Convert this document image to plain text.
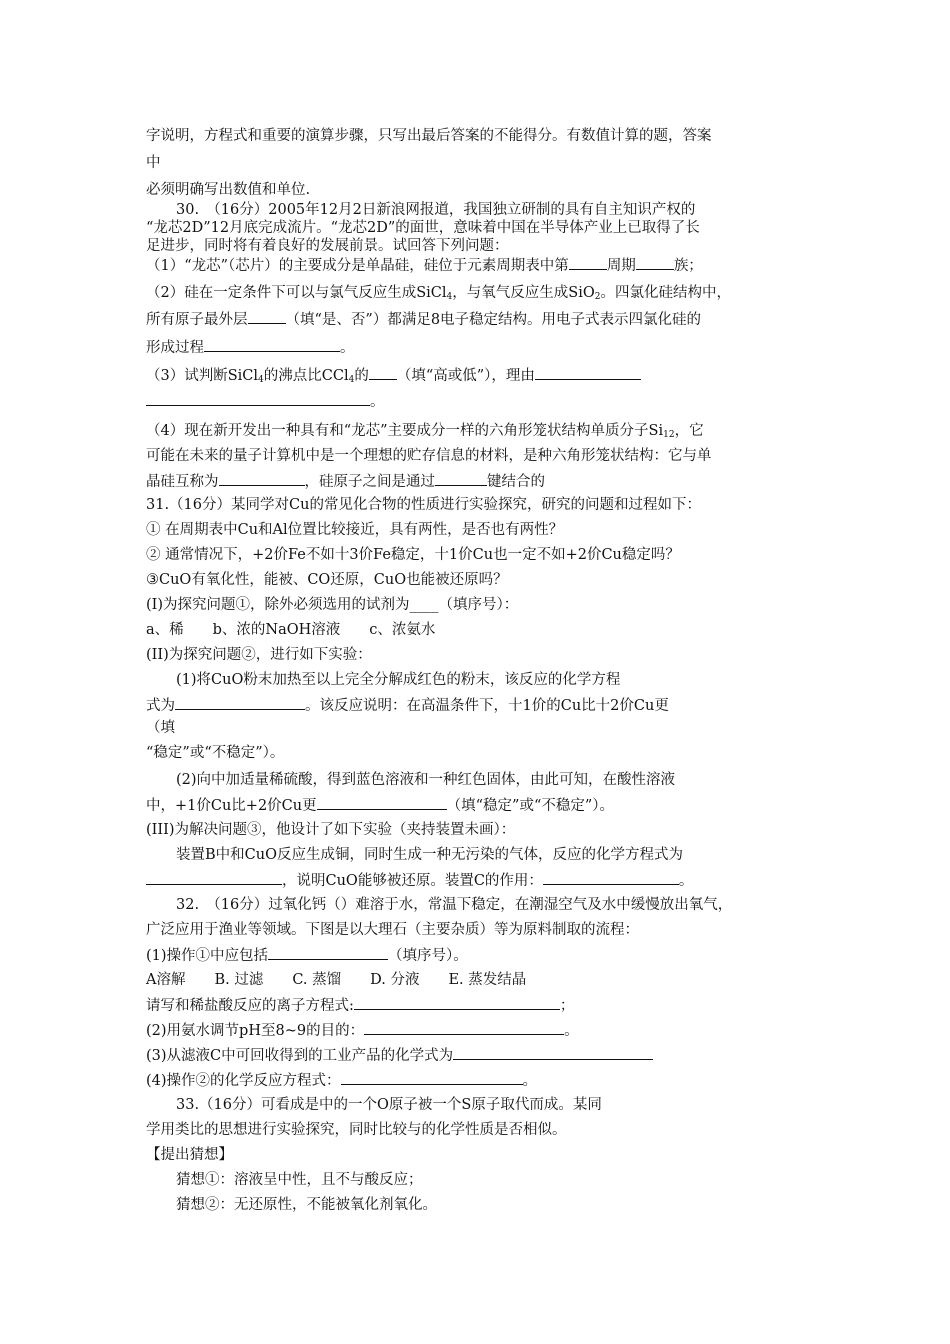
字说明，方程式和重要的演算步骤，只写出最后答案的不能得分。有数值计算的题，答案
中
必须明确写出数值和单位.
30.　（16分）2005年12月2日新浪网报道，我国独立研制的具有自主知识产权的
“龙芯2D”12月底完成流片。“龙芯2D”的面世，意味着中国在半导体产业上已取得了长
足进步，同时将有着良好的发展前景。试回答下列问题：
（1）“龙芯”（芯片）的主要成分是单晶硅，硅位于元素周期表中第	周期	族；
（2）硅在一定条件下可以与氯气反应生成SiCl$_4$，与氧气反应生成SiO$_2$。四氯化硅结构中，
所有原子最外层	（填“是、否”）都满足8电子稳定结构。用电子式表示四氯化硅的
形成过程	。
（3）试判断SiCl$_4$的沸点比CCl$_4$的 （填“高或低”），理由
。
（4）现在新开发出一种具有和“龙芯”主要成分一样的六角形笼状结构单质分子$Si_{12}$，它
可能在未来的量子计算机中是一个理想的贮存信息的材料，是种六角形笼状结构：它与单
晶硅互称为	，硅原子之间是通过	键结合的
31.（16分）某同学对Cu的常见化合物的性质进行实验探究，研究的问题和过程如下：
① 在周期表中Cu和Al位置比较接近，具有两性，是否也有两性？
② 通常情况下，+2价Fe不如十3价Fe稳定，十1价Cu也一定不如+2价Cu稳定吗？
③CuO有氧化性，能被、CO还原，CuO也能被还原吗？
(I)为探究问题①，除外必须选用的试剂为____（填序号）：
a、稀　　b、浓的NaOH溶液　　c、浓氨水
(II)为探究问题②，进行如下实验：
(1)将CuO粉末加热至以上完全分解成红色的粉末，该反应的化学方程
式为	。该反应说明：在高温条件下，十1价的Cu比十2价Cu更
（填
“稳定”或“不稳定”）。
(2)向中加适量稀硫酸，得到蓝色溶液和一种红色固体，由此可知，在酸性溶液
中，+1价Cu比+2价Cu更	（填“稳定”或“不稳定”）。
(III)为解决问题③，他设计了如下实验（夹持装置未画）：
装置B中和CuO反应生成铜，同时生成一种无污染的气体，反应的化学方程式为
，说明CuO能够被还原。装置C的作用：	。
32.　（16分）过氧化钙（）难溶于水，常温下稳定，在潮湿空气及水中缓慢放出氧气，
广泛应用于渔业等领域。下图是以大理石（主要杂质）等为原料制取的流程：
(1)操作①中应包括	（填序号）。
A溶解　　B. 过滤　　C. 蒸馏　　D. 分液　　E. 蒸发结晶
请写和稀盐酸反应的离子方程式:	；
(2)用氨水调节pH至8~9的目的：	。
(3)从滤液C中可回收得到的工业产品的化学式为
(4)操作②的化学反应方程式：	。
33.（16分）可看成是中的一个O原子被一个S原子取代而成。某同
学用类比的思想进行实验探究，同时比较与的化学性质是否相似。
【提出猜想】
猜想①：溶液呈中性，且不与酸反应；
猜想②：无还原性，不能被氧化剂氧化。
